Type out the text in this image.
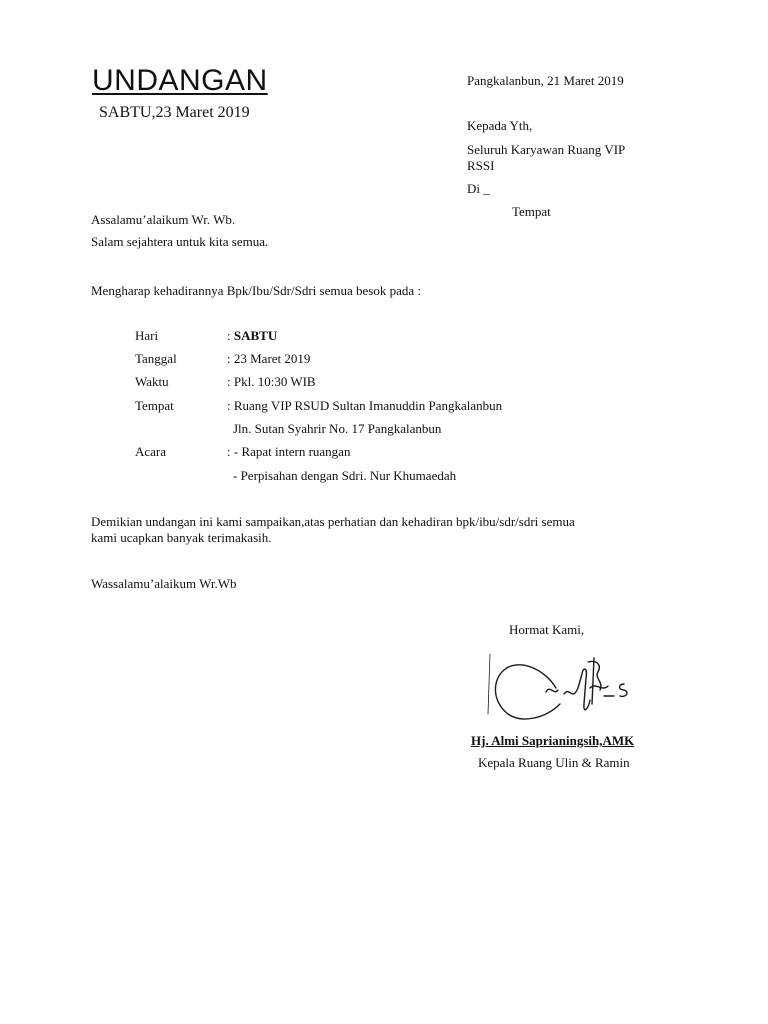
UNDANGAN
SABTU,23 Maret 2019
Pangkalanbun, 21 Maret 2019
Kepada Yth,
Seluruh Karyawan Ruang VIP
RSSI
Di _
Tempat
Assalamu’alaikum Wr. Wb.
Salam sejahtera untuk kita semua.
Mengharap kehadirannya Bpk/Ibu/Sdr/Sdri semua besok pada :
Hari	: SABTU
Tanggal	: 23 Maret 2019
Waktu	: Pkl. 10:30 WIB
Tempat	: Ruang VIP RSUD Sultan Imanuddin Pangkalanbun
Jln. Sutan Syahrir No. 17 Pangkalanbun
Acara	: - Rapat intern ruangan
- Perpisahan dengan Sdri. Nur Khumaedah
Demikian undangan ini kami sampaikan,atas perhatian dan kehadiran bpk/ibu/sdr/sdri semua
kami ucapkan banyak terimakasih.
Wassalamu’alaikum Wr.Wb
Hormat Kami,
Hj. Almi Saprianingsih,AMK
Kepala Ruang Ulin & Ramin
